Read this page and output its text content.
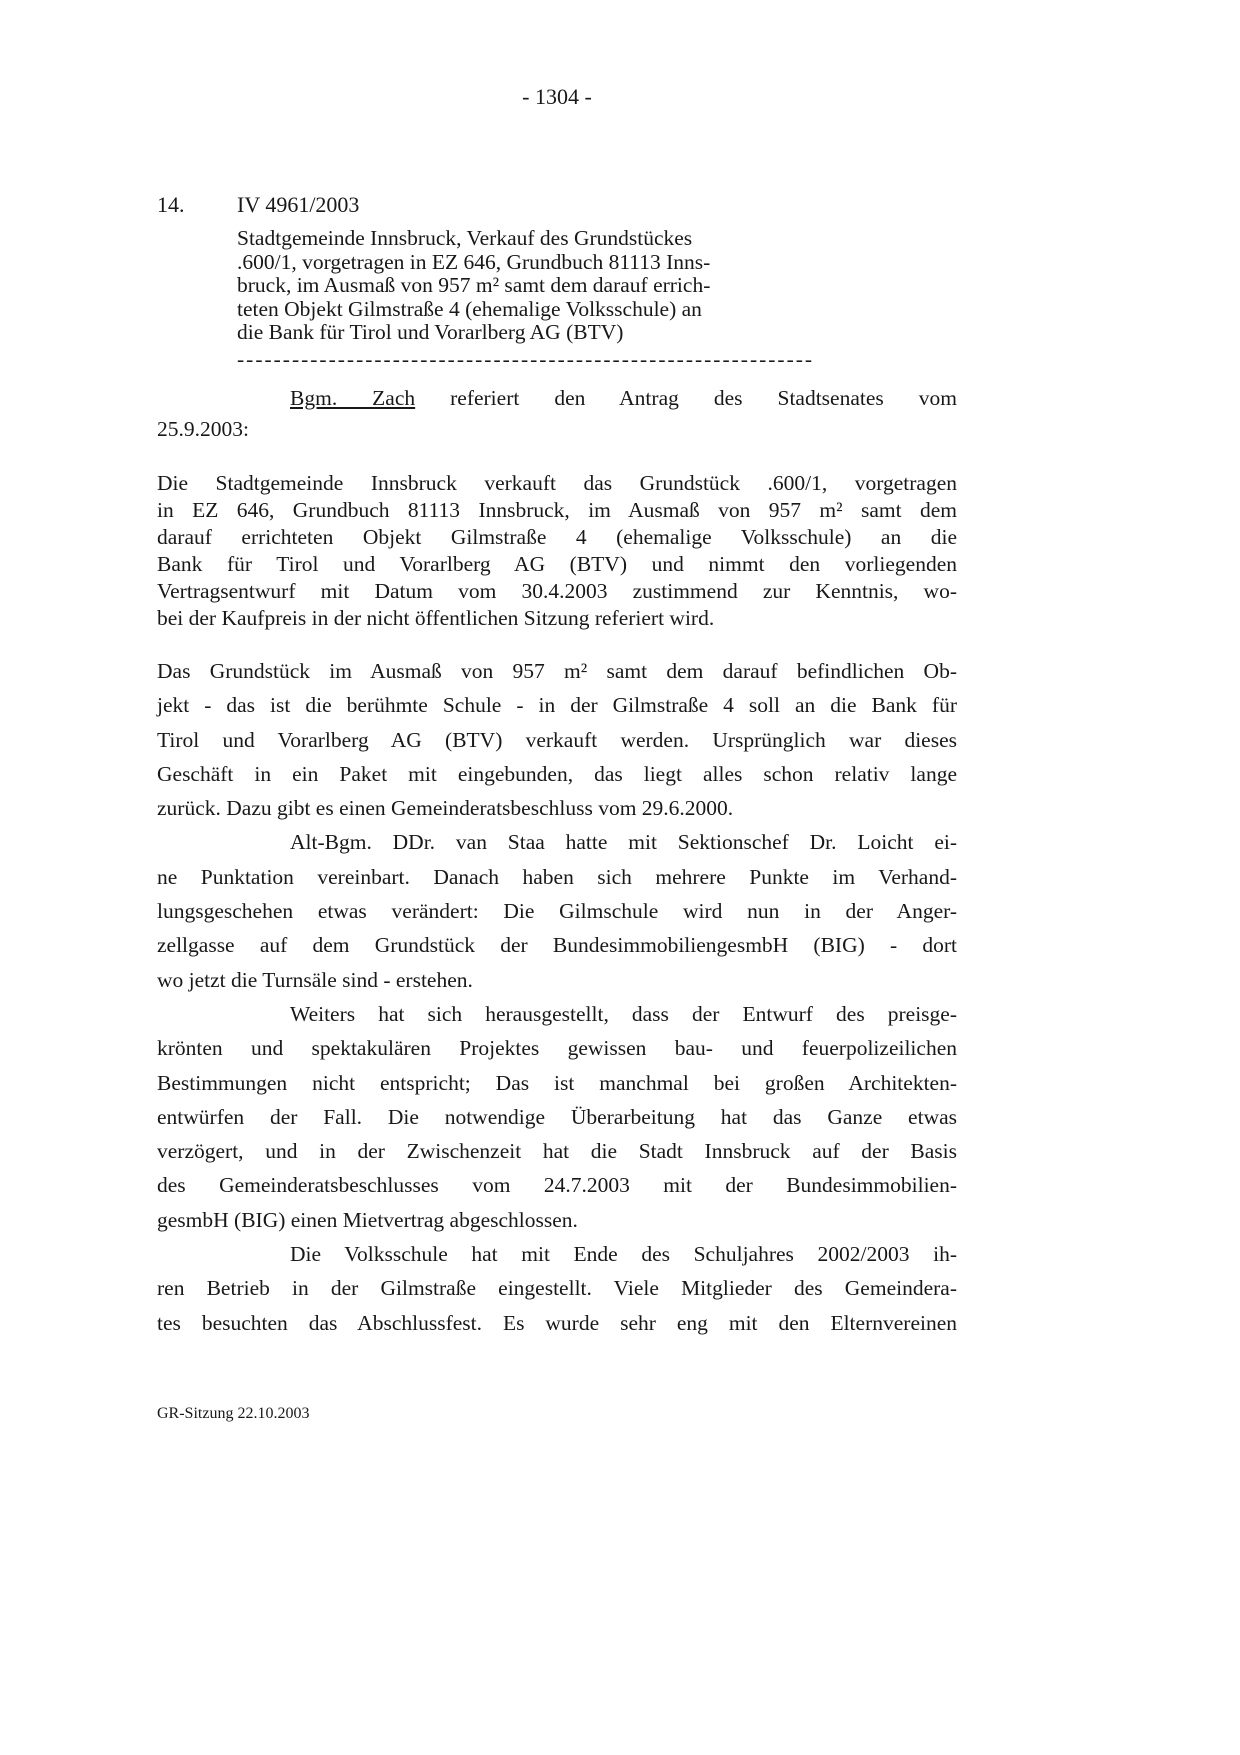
- 1304 -
14. IV 4961/2003
Stadtgemeinde Innsbruck, Verkauf des Grundstückes
.600/1, vorgetragen in EZ 646, Grundbuch 81113 Inns-
bruck, im Ausmaß von 957 m² samt dem darauf errich-
teten Objekt Gilmstraße 4 (ehemalige Volksschule) an
die Bank für Tirol und Vorarlberg AG (BTV)
---------------------------------------------------------------
Bgm. Zach referiert den Antrag des Stadtsenates vom
25.9.2003:
Die Stadtgemeinde Innsbruck verkauft das Grundstück .600/1, vorgetragen
in EZ 646, Grundbuch 81113 Innsbruck, im Ausmaß von 957 m² samt dem
darauf errichteten Objekt Gilmstraße 4 (ehemalige Volksschule) an die
Bank für Tirol und Vorarlberg AG (BTV) und nimmt den vorliegenden
Vertragsentwurf mit Datum vom 30.4.2003 zustimmend zur Kenntnis, wo-
bei der Kaufpreis in der nicht öffentlichen Sitzung referiert wird.
Das Grundstück im Ausmaß von 957 m² samt dem darauf befindlichen Ob-
jekt - das ist die berühmte Schule - in der Gilmstraße 4 soll an die Bank für
Tirol und Vorarlberg AG (BTV) verkauft werden. Ursprünglich war dieses
Geschäft in ein Paket mit eingebunden, das liegt alles schon relativ lange
zurück. Dazu gibt es einen Gemeinderatsbeschluss vom 29.6.2000.
Alt-Bgm. DDr. van Staa hatte mit Sektionschef Dr. Loicht ei-
ne Punktation vereinbart. Danach haben sich mehrere Punkte im Verhand-
lungsgeschehen etwas verändert: Die Gilmschule wird nun in der Anger-
zellgasse auf dem Grundstück der BundesimmobiliengesmbH (BIG) - dort
wo jetzt die Turnsäle sind - erstehen.
Weiters hat sich herausgestellt, dass der Entwurf des preisge-
krönten und spektakulären Projektes gewissen bau- und feuerpolizeilichen
Bestimmungen nicht entspricht; Das ist manchmal bei großen Architekten-
entwürfen der Fall. Die notwendige Überarbeitung hat das Ganze etwas
verzögert, und in der Zwischenzeit hat die Stadt Innsbruck auf der Basis
des Gemeinderatsbeschlusses vom 24.7.2003 mit der Bundesimmobilien-
gesmbH (BIG) einen Mietvertrag abgeschlossen.
Die Volksschule hat mit Ende des Schuljahres 2002/2003 ih-
ren Betrieb in der Gilmstraße eingestellt. Viele Mitglieder des Gemeindera-
tes besuchten das Abschlussfest. Es wurde sehr eng mit den Elternvereinen
GR-Sitzung 22.10.2003
